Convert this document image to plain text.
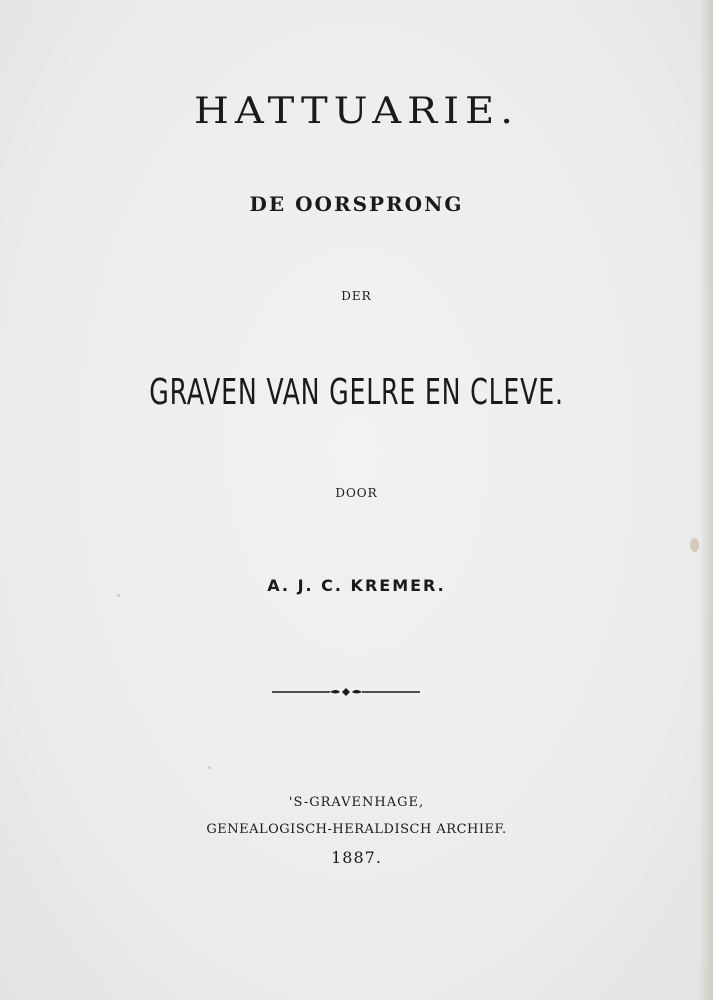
HATTUARIE.
DE OORSPRONG
DER
GRAVEN VAN GELRE EN CLEVE.
DOOR
A. J. C. KREMER.
'S-GRAVENHAGE,
GENEALOGISCH-HERALDISCH ARCHIEF.
1887.
